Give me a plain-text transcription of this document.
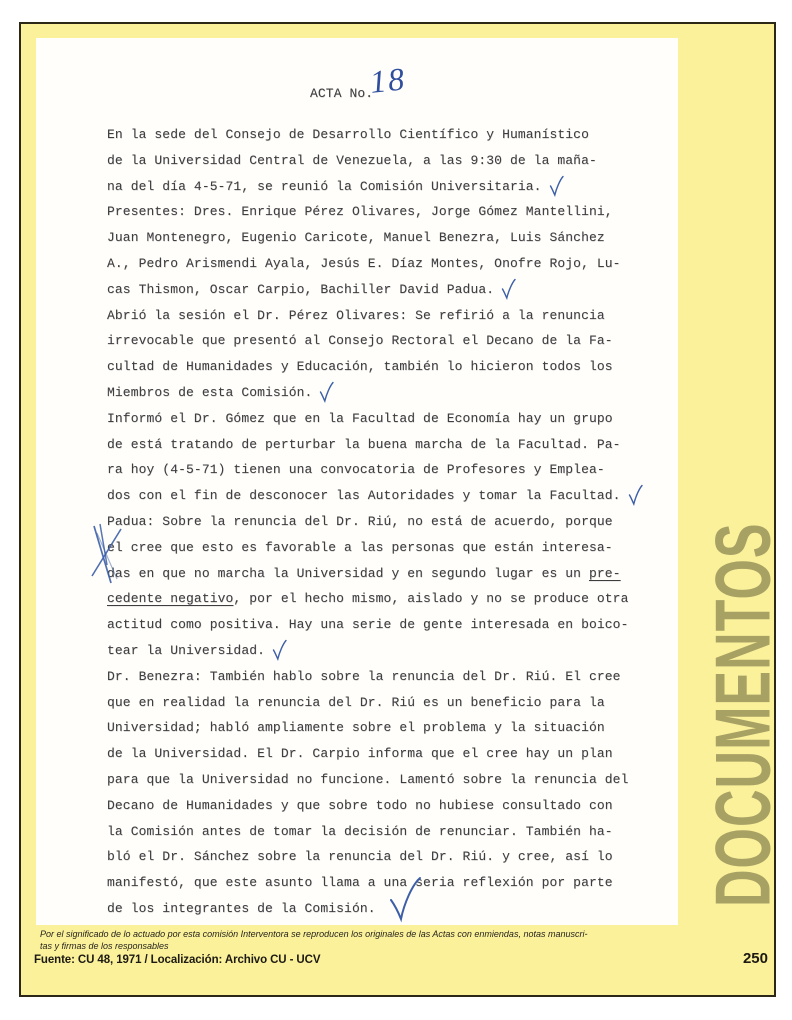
ACTA No.
18
En la sede del Consejo de Desarrollo Científico y Humanístico
de la Universidad Central de Venezuela, a las 9:30 de la maña-
na del día 4-5-71, se reunió la Comisión Universitaria.
Presentes: Dres. Enrique Pérez Olivares, Jorge Gómez Mantellini,
Juan Montenegro, Eugenio Caricote, Manuel Benezra, Luis Sánchez
A., Pedro Arismendi Ayala, Jesús E. Díaz Montes, Onofre Rojo, Lu-
cas Thismon, Oscar Carpio, Bachiller David Padua.
Abrió la sesión el Dr. Pérez Olivares: Se refirió a la renuncia
irrevocable que presentó al Consejo Rectoral el Decano de la Fa-
cultad de Humanidades y Educación, también lo hicieron todos los
Miembros de esta Comisión.
Informó el Dr. Gómez que en la Facultad de Economía hay un grupo
de está tratando de perturbar la buena marcha de la Facultad. Pa-
ra hoy (4-5-71) tienen una convocatoria de Profesores y Emplea-
dos con el fin de desconocer las Autoridades y tomar la Facultad.
Padua: Sobre la renuncia del Dr. Riú, no está de acuerdo, porque
el cree que esto es favorable a las personas que están interesa-
das en que no marcha la Universidad y en segundo lugar es un pre-
cedente negativo, por el hecho mismo, aislado y no se produce otra
actitud como positiva. Hay una serie de gente interesada en boico-
tear la Universidad.
Dr. Benezra: También hablo sobre la renuncia del Dr. Riú. El cree
que en realidad la renuncia del Dr. Riú es un beneficio para la
Universidad; habló ampliamente sobre el problema y la situación
de la Universidad. El Dr. Carpio informa que el cree hay un plan
para que la Universidad no funcione. Lamentó sobre la renuncia del
Decano de Humanidades y que sobre todo no hubiese consultado con
la Comisión antes de tomar la decisión de renunciar. También ha-
bló el Dr. Sánchez sobre la renuncia del Dr. Riú. y cree, así lo
manifestó, que este asunto llama a una seria reflexión por parte
de los integrantes de la Comisión.
DOCUMENTOS
Por el significado de lo actuado por esta comisión Interventora se reproducen los originales de las Actas con enmiendas, notas manuscri-
tas y firmas de los responsables
Fuente: CU 48, 1971 / Localización: Archivo CU - UCV	250
